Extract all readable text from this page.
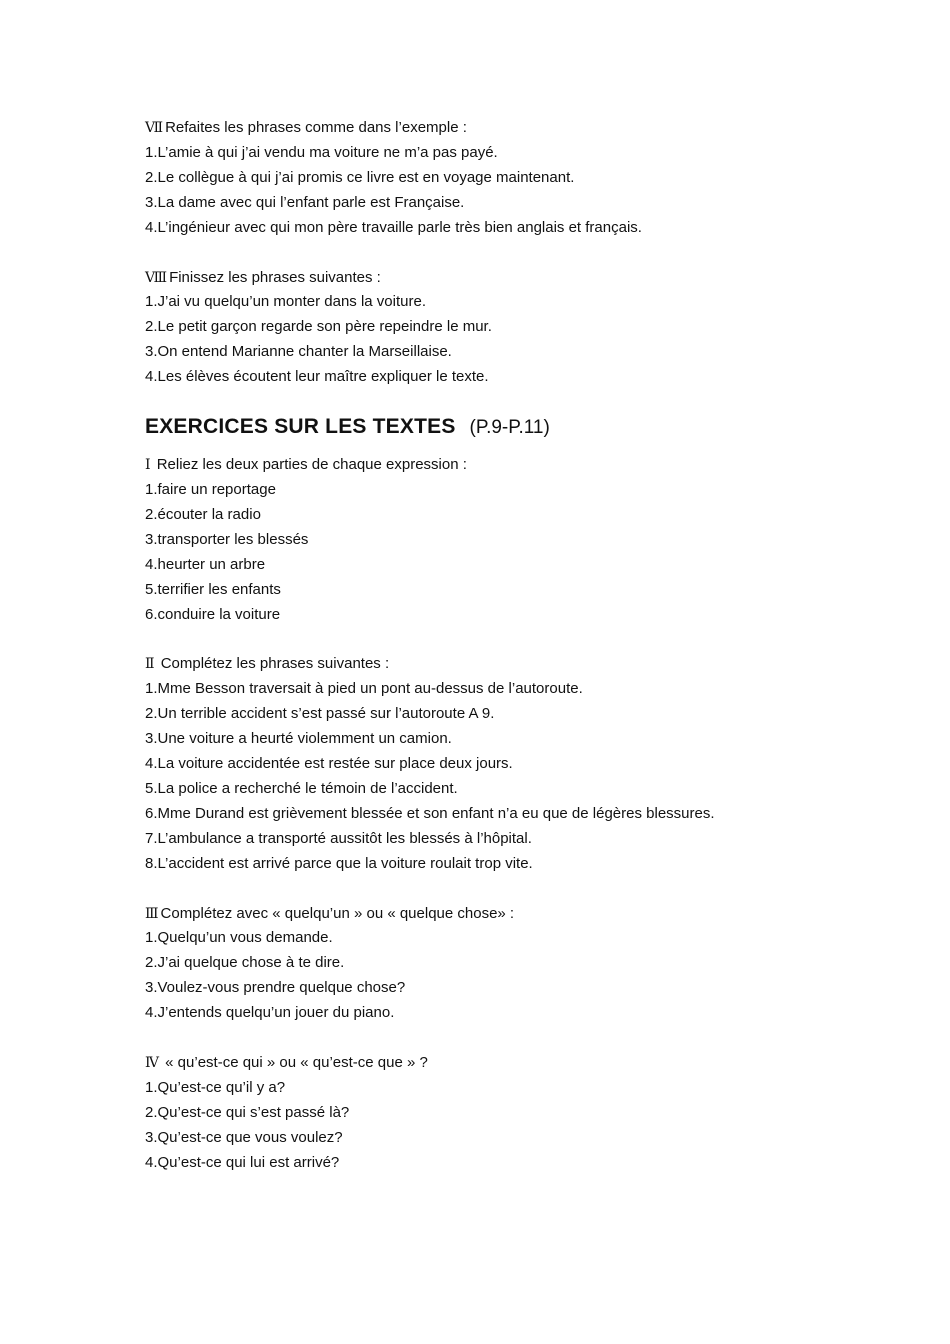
Ⅶ Refaites les phrases comme dans l’exemple :
1.L’amie à qui j’ai vendu ma voiture ne m’a pas payé.
2.Le collègue à qui j’ai promis ce livre est en voyage maintenant.
3.La dame avec qui l’enfant parle est Française.
4.L’ingénieur avec qui mon père travaille parle très bien anglais et français.
Ⅷ Finissez les phrases suivantes :
1.J’ai vu quelqu’un monter dans la voiture.
2.Le petit garçon regarde son père repeindre le mur.
3.On entend Marianne chanter la Marseillaise.
4.Les élèves écoutent leur maître expliquer le texte.
EXERCICES SUR LES TEXTES (P.9-P.11)
Ⅰ Reliez les deux parties de chaque expression :
1.faire un reportage
2.écouter la radio
3.transporter les blessés
4.heurter un arbre
5.terrifier les enfants
6.conduire la voiture
Ⅱ Complétez les phrases suivantes :
1.Mme Besson traversait à pied un pont au-dessus de l’autoroute.
2.Un terrible accident s’est passé sur l’autoroute A 9.
3.Une voiture a heurté violemment un camion.
4.La voiture accidentée est restée sur place deux jours.
5.La police a recherché le témoin de l’accident.
6.Mme Durand est grièvement blessée et son enfant n’a eu que de légères blessures.
7.L’ambulance a transporté aussitôt les blessés à l’hôpital.
8.L’accident est arrivé parce que la voiture roulait trop vite.
Ⅲ Complétez avec « quelqu’un » ou « quelque chose» :
1.Quelqu’un vous demande.
2.J’ai quelque chose à te dire.
3.Voulez-vous prendre quelque chose?
4.J’entends quelqu’un jouer du piano.
Ⅳ « qu’est-ce qui » ou « qu’est-ce que » ?
1.Qu’est-ce qu’il y a?
2.Qu’est-ce qui s’est passé là?
3.Qu’est-ce que vous voulez?
4.Qu’est-ce qui lui est arrivé?
